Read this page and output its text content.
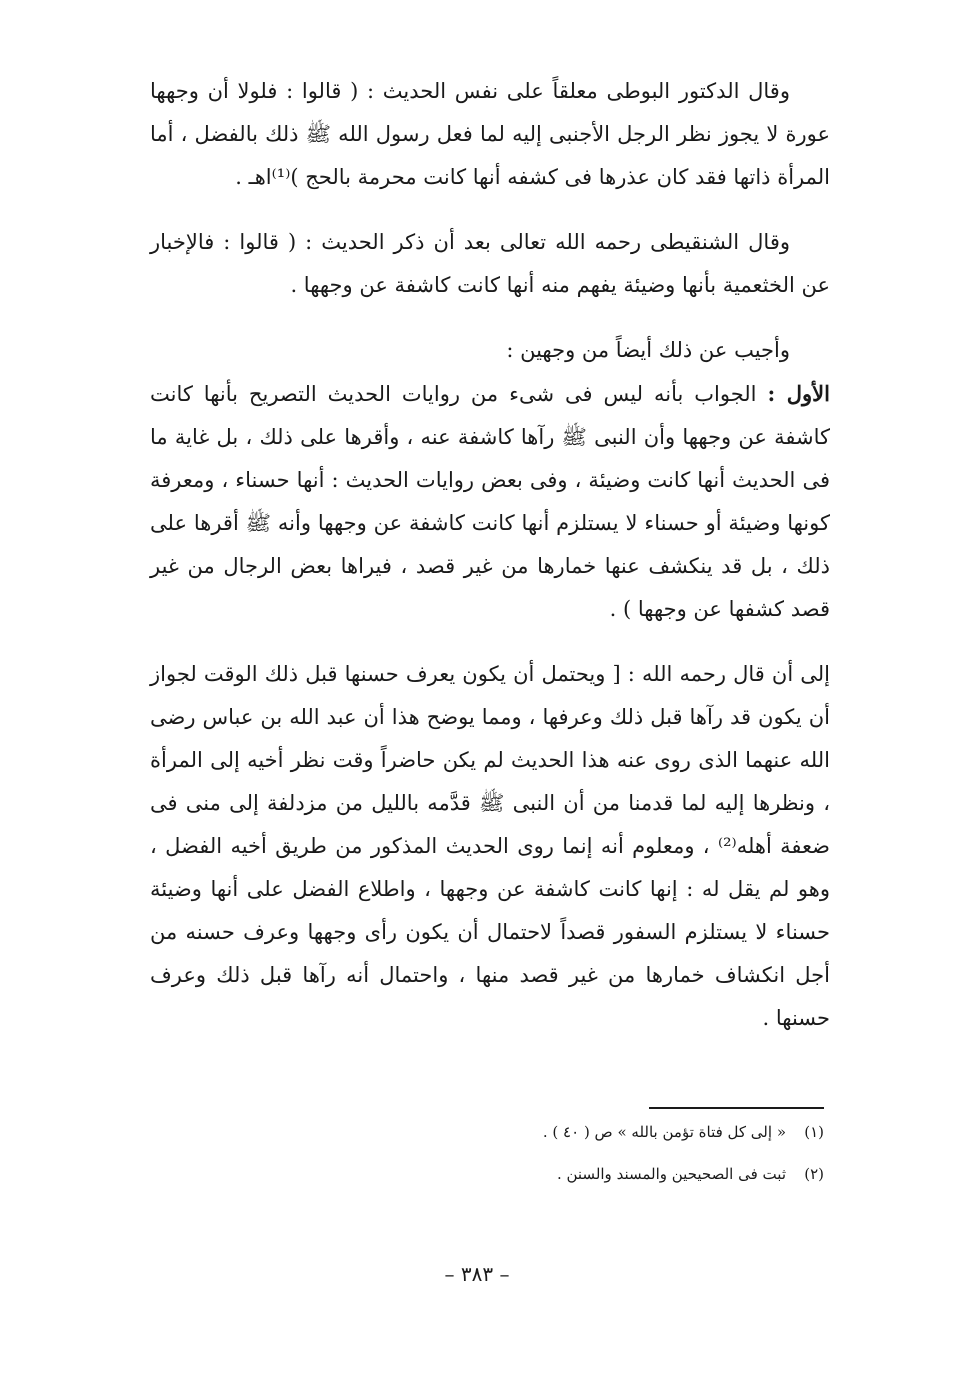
وقال الدكتور البوطى معلقاً على نفس الحديث : ( قالوا : فلولا أن وجهها عورة لا يجوز نظر الرجل الأجنبى إليه لما فعل رسول الله ﷺ ذلك بالفضل ، أما المرأة ذاتها فقد كان عذرها فى كشفه أنها كانت محرمة بالحج )⁽¹⁾اهـ .

وقال الشنقيطى رحمه الله تعالى بعد أن ذكر الحديث : ( قالوا : فالإخبار عن الخثعمية بأنها وضيئة يفهم منه أنها كانت كاشفة عن وجهها .

وأجيب عن ذلك أيضاً من وجهين :

الأول : الجواب بأنه ليس فى شىء من روايات الحديث التصريح بأنها كانت كاشفة عن وجهها وأن النبى ﷺ رآها كاشفة عنه ، وأقرها على ذلك ، بل غاية ما فى الحديث أنها كانت وضيئة ، وفى بعض روايات الحديث : أنها حسناء ، ومعرفة كونها وضيئة أو حسناء لا يستلزم أنها كانت كاشفة عن وجهها وأنه ﷺ أقرها على ذلك ، بل قد ينكشف عنها خمارها من غير قصد ، فيراها بعض الرجال من غير قصد كشفها عن وجهها ) .

إلى أن قال رحمه الله : [ ويحتمل أن يكون يعرف حسنها قبل ذلك الوقت لجواز أن يكون قد رآها قبل ذلك وعرفها ، ومما يوضح هذا أن عبد الله بن عباس رضى الله عنهما الذى روى عنه هذا الحديث لم يكن حاضراً وقت نظر أخيه إلى المرأة ، ونظرها إليه لما قدمنا من أن النبى ﷺ قدَّمه بالليل من مزدلفة إلى منى فى ضعفة أهله⁽²⁾ ، ومعلوم أنه إنما روى الحديث المذكور من طريق أخيه الفضل ، وهو لم يقل له : إنها كانت كاشفة عن وجهها ، واطلاع الفضل على أنها وضيئة حسناء لا يستلزم السفور قصداً لاحتمال أن يكون رأى وجهها وعرف حسنه من أجل انكشاف خمارها من غير قصد منها ، واحتمال أنه رآها قبل ذلك وعرف حسنها .

(١)
« إلى كل فتاة تؤمن بالله » ص ( ٤٠ ) .
(٢)
ثبت فى الصحيحين والمسند والسنن .
– ٣٨٣ –
